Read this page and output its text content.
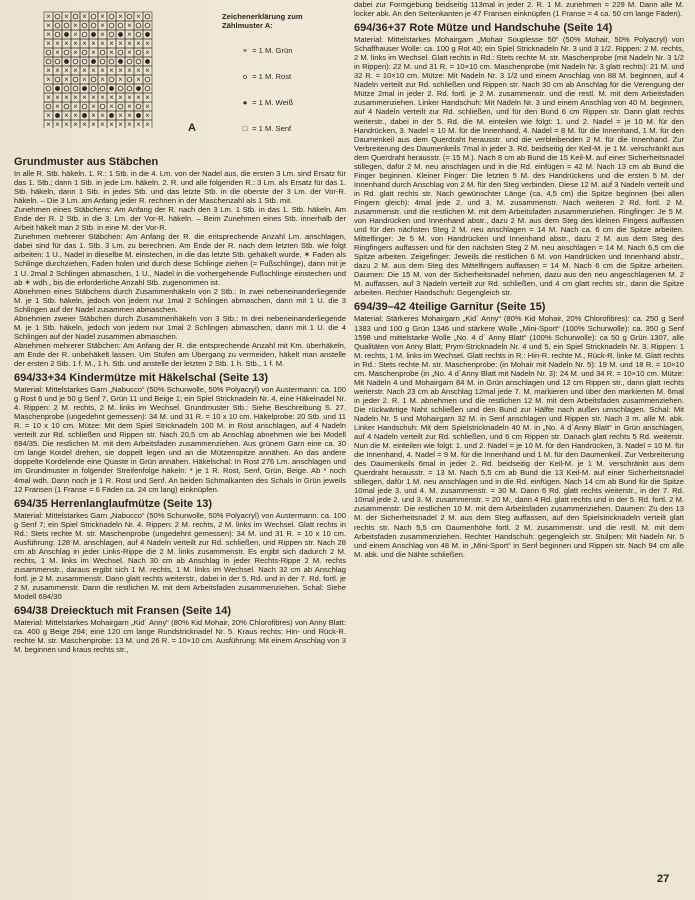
× × × × × ×
×	×	×	×
×	×	×	×
× × × × × × × × × × × ×
× × × × × ×
× × × × × × × × × × × ×
× × × × × ×
× × × × × × × × × × × ×
× × × × × ×
× × × × × × × ×
× × × × × × × × × × × ×	A
Zeichenerklärung zum Zählmuster A:
× = 1 M. Grün
o = 1 M. Rost
● = 1 M. Weiß
□ = 1 M. Senf
Grundmuster aus Stäbchen

In alle R. Stb. häkeln. 1. R.: 1 Stb. in die 4. Lm. von der Nadel aus, die ersten 3 Lm. sind Ersatz für das 1. Stb.; dann 1 Stb. in jede Lm. häkeln. 2. R. und alle folgenden R.: 3 Lm. als Ersatz für das 1. Stb. häkeln, dann 1 Stb. in jedes Stb. und das letzte Stb. in die oberste der 3 Lm. der Vor-R. häkeln. – Die 3 Lm. am Anfang jeder R. rechnen in der Maschenzahl als 1 Stb. mit.

Zunehmen eines Stäbchens: Am Anfang der R. nach den 3 Lm. 1 Stb. in das 1. Stb. häkeln. Am Ende der R. 2 Stb. in die 3. Lm. der Vor-R. häkeln. – Beim Zunehmen eines Stb. innerhalb der Arbeit häkelt man 2 Stb. in eine M. der Vor-R.

Zunehmen mehrerer Stäbchen: Am Anfang der R. die entsprechende Anzahl Lm. anschlagen, dabei sind für das 1. Stb. 3 Lm. zu berechnen. Am Ende der R. nach dem letzten Stb. wie folgt arbeiten: 1 U., Nadel in dieselbe M. einstechen, in die das letzte Stb. gehäkelt wurde, ✶ Faden als Schlinge durchziehen, Faden holen und durch diese Schlinge ziehen (= Fußschlinge), dann mit je 1 U. 2mal 2 Schlingen abmaschen, 1 U., Nadel in die vorhergehende Fußschlinge einstechen und ab ✶ wdh., bis die erforderliche Anzahl Stb. zugenommen ist.

Abnehmen eines Stäbchens durch Zusammenhäkeln von 2 Stb.: In zwei nebeneinanderliegende M. je 1 Stb. häkeln, jedoch von jedem nur 1mal 2 Schlingen abmaschen, dann mit 1 U. die 3 Schlingen auf der Nadel zusammen abmaschen.

Abnehmen zweier Stäbchen durch Zusammenhäkeln von 3 Stb.: In drei nebeneinanderliegende M. je 1 Stb. häkeln, jedoch von jedem nur 1mal 2 Schlingen abmaschen, dann mit 1 U. die 4 Schlingen auf der Nadel zusammen abmaschen.

Abnehmen mehrerer Stäbchen: Am Anfang der R. die entsprechende Anzahl mit Km. überhäkeln, am Ende der R. unbehäkelt lassen. Um Stufen am Übergang zu vermeiden, häkelt man anstelle der ersten 2 Stb. 1 f. M., 1 h. Stb. und anstelle der letzten 2 Stb. 1 h. Stb., 1 f. M.

694/33+34 Kindermütze mit Häkelschal (Seite 13)

Material: Mittelstarkes Garn „Nabucco“ (50% Schurwolle, 50% Polyacryl) von Austermann: ca. 100 g Rost 6 und je 50 g Senf 7, Grün 11 und Beige 1; ein Spiel Stricknadeln Nr. 4, eine Häkelnadel Nr. 4. Rippen: 2 M. rechts, 2 M. links im Wechsel. Grundmuster Stb.: Siehe Beschreibung S. 27. Maschenprobe (ungedehnt gemessen): 34 M. und 31 R. = 10 x 10 cm. Häkelprobe: 20 Stb. und 11 R. = 10 x 10 cm. Mütze: Mit dem Spiel Stricknadeln 100 M. in Rost anschlagen, auf 4 Nadeln verteilt zur Rd. schließen und Rippen str. Nach 20,5 cm ab Anschlag abnehmen wie bei Modell 694/35. Die restlichen M. mit dem Arbeitsfaden zusammenziehen. Aus grünem Garn eine ca. 30 cm lange Kordel drehen, sie doppelt legen und an die Mützenspitze annähen. An das andere doppelte Kordelende eine Quaste in Grün annähen. Häkelschal: In Rost 276 Lm. anschlagen und im Grundmuster in folgender Streifenfolge häkeln: * je 1 R. Rost, Senf, Grün, Beige. Ab * noch 4mal wdh. Dann noch je 1 R. Rost und Senf. An beiden Schmalkanten des Schals in Grün jeweils 12 Fransen (1 Franse = 6 Fäden ca. 24 cm lang) einknüpfen.

694/35 Herrenlanglaufmütze (Seite 13)

Material: Mittelstarkes Garn „Nabucco“ (50% Schurwolle, 50% Polyacryl) von Austermann: ca. 100 g Senf 7; ein Spiel Stricknadeln Nr. 4. Rippen: 2 M. rechts, 2 M. links im Wechsel. Glatt rechts in Rd.: Stets rechte M. str. Maschenprobe (ungedehnt gemessen): 34 M. und 31 R. = 10 x 10 cm. Ausführung: 128 M. anschlagen, auf 4 Nadeln verteilt zur Rd. schließen, und Rippen str. Nach 28 cm ab Anschlag in jeder Links-Rippe die 2 M. links zusammenstr. Es ergibt sich dadurch 2 M. rechts, 1 M. links im Wechsel. Nach 30 cm ab Anschlag in jeder Rechts-Rippe 2 M. rechts zusammenstr., daraus ergibt sich 1 M. rechts, 1 M. links im Wechsel. Nach 32 cm ab Anschlag fortl. je 2 M. zusammenstr. Dann glatt rechts weiterstr., dabei in der 5. Rd. und in der 7. Rd. fortl. je 2 M. zusammenstr. Dann die restlichen M. mit dem Arbeitsfaden zusammenziehen. Schal: Siehe Modell 694/30

694/38 Dreiecktuch mit Fransen (Seite 14)

Material: Mittelstarkes Mohairgarn „Kid´ Anny“ (80% Kid Mohair, 20% Chlorofibres) von Anny Blatt: ca. 400 g Beige 294; eine 120 cm lange Rundstricknadel Nr. 5. Kraus rechts: Hin- und Rück-R. rechte M. str. Maschenprobe: 13 M. und 26 R. = 10×10 cm. Ausführung: Mit einem Anschlag von 3 M. beginnen und kraus rechts str.,

dabei zur Formgebung beidseitig 113mal in jeder 2. R. 1 M. zunehmen = 229 M. Dann alle M. locker abk. An den Seitenkanten je 47 Fransen einknüpfen (1 Franse = 4 ca. 50 cm lange Fäden).

694/36+37 Rote Mütze und Handschuhe (Seite 14)

Material: Mittelstarkes Mohairgarn „Mohair Souplesse 50“ (50% Mohair, 50% Polyacryl) von Schaffhauser Wolle: ca. 100 g Rot 40; ein Spiel Stricknadeln Nr. 3 und 3 1/2. Rippen: 2 M. rechts, 2 M. links im Wechsel. Glatt rechts in Rd.: Stets rechte M. str. Maschenprobe (mit Nadeln Nr. 3 1/2 in Rippen): 22 M. und 31 R. = 10×10 cm. Maschenprobe (mit Nadeln Nr. 3 glatt rechts): 21 M. und 32 R. = 10×10 cm. Mütze: Mit Nadeln Nr. 3 1/2 und einem Anschlag von 88 M. beginnen, auf 4 Nadeln verteilt zur Rd. schließen und Rippen str. Nach 30 cm ab Anschlag für die Verengung der Mütze 2mal in jeder 2. Rd. fortl. je 2 M. zusammenstr. und die restl. M. mit dem Arbeitsfaden zusammenziehen. Linker Handschuh: Mit Nadeln Nr. 3 und einem Anschlag von 40 M. beginnen, auf 4 Nadeln verteilt zur Rd. schließen, und für den Bund 6 cm Rippen str. Dann glatt rechts weiterstr., dabei in der 5. Rd. die M. einteilen wie folgt: 1. und 2. Nadel = je 10 M. für den Handrücken, 3. Nadel = 10 M. für die Innenhand, 4. Nadel = 8 M. für die Innenhand, 1 M. für den Daumenkeil aus dem Querdraht herausstr. und die verbleibenden 2 M. für die Innenhand. Zur Verbreiterung des Daumenkeils 7mal in jeder 3. Rd. beidseitig der Keil-M. je 1 M. verschränkt aus dem Querdraht herausstr. (= 15 M.). Nach 8 cm ab Bund die 15 Keil-M. auf einer Sicherheitsnadel stillegen, dafür 2 M. neu anschlagen und in die Rd. einfügen = 42 M. Nach 13 cm ab Bund die Finger beginnen. Kleiner Finger: Die letzten 5 M. des Handrückens und die ersten 5 M. der Innenhand durch Anschlag von 2 M. für den Steg verbinden. Diese 12 M. auf 3 Nadeln verteilt und in Rd. glatt rechts str. Nach gewünschter Länge (ca. 4,5 cm) die Spitze beginnen (bei allen Fingern gleich): 4mal jede 2. und 3. M. zusammenstr. Nach weiteren 2 Rd. fortl. 2 M. zusammenstr. und die restlichen M. mit dem Arbeitsfaden zusammenziehen. Ringfinger: Je 5 M. von Handrücken und Innenhand abstr., dazu 2 M. aus dem Steg des kleinen Fingers auffassen und für den nächsten Steg 2 M. neu anschlagen = 14 M. Nach ca. 6 cm die Spitze arbeiten. Mittelfinger: Je 5 M. von Handrücken und Innenhand abstr., dazu 2 M. aus dem Steg des Ringfingers auffassen und für den nächsten Steg 2 M. neu anschlagen = 14 M. Nach 6,5 cm die Spitze arbeiten. Zeigefinger: Jeweils die restlichen 6 M. von Handrücken und Innenhand abstr., dazu 2 M. aus dem Steg des Mittelfingers auffassen = 14 M. Nach 6 cm die Spitze arbeiten. Daumen: Die 15 M. von der Sicherheitsnadel nehmen, dazu aus den neu angeschlagenen M. 2 M. auffassen, auf 3 Nadeln verteilt zur Rd. schließen, und 4 cm glatt rechts str., dann die Spitze arbeiten. Rechter Handschuh: Gegengleich str.

694/39–42 4teilige Garnitur (Seite 15)

Material: Stärkeres Mohairgarn „Kid´ Anny“ (80% Kid Mohair, 20% Chlorofibres): ca. 250 g Senf 1383 und 100 g Grün 1346 und stärkere Wolle „Mini-Sport“ (100% Schurwolle): ca. 350 g Senf 1598 und mittelstarke Wolle „No. 4 d´ Anny Blatt“ (100% Schurwolle): ca 50 g Grün 1307, alle Qualitäten von Anny Blatt; Prym-Stricknadeln Nr. 4 und 5, ein Spiel Stricknadeln Nr. 3. Rippen: 1 M. rechts, 1 M. links im Wechsel. Glatt rechts in R.: Hin-R. rechte M., Rück-R. linke M. Glatt rechts in Rd.: Stets rechte M. str. Maschenprobe: (in Mohair mit Nadeln Nr. 5): 19 M. und 18 R. = 10×10 cm. Maschenprobe (in „No. 4 d´Anny Blatt mit Nadeln Nr. 3): 24 M. und 34 R. = 10×10 cm. Mütze: Mit Nadeln 4 und Mohairgarn 84 M. in Grün anschlagen und 12 cm Rippen str., dann glatt rechts weiterstr. Nach 23 cm ab Anschlag 12mal jede 7. M. markieren und über den markierten M. 6mal in jeder 2. R. 1 M. abnehmen und die restlichen 12 M. mit dem Arbeitsfaden zusammenziehen. Die rückwärtige Naht schließen und den Bund zur Hälfte nach außen umschlagen. Schal: Mit Nadeln Nr. 5 und Mohairgarn 32 M. in Senf anschlagen und Rippen str. Nach 3 m. alle M. abk. Linker Handschuh: Mit dem Spielstricknadeln 40 M. in „No. 4 d´Anny Blatt“ in Grün anschlagen, auf 4 Nadeln verteilt zur Rd. schließen, und 6 cm Rippen str. Danach glatt rechts 5 Rd. weiterstr. Nun die M. einteilen wie folgt: 1. und 2. Nadel = je 10 M. für den Handrücken, 3. Nadel = 10 M. für die Innenhand, 4. Nadel = 9 M. für die Innenhand und 1 M. für den Daumenkeil. Zur Verbreiterung des Daumenkeils 6mal in jeder 2. Rd. beidseitig der Keil-M. je 1 M. verschränkt aus dem Querdraht herausstr. = 13 M. Nach 5,5 cm ab Bund die 13 Keil-M. auf einer Sicherheitsnadel stillegen, dafür 1 M. neu anschlagen und in die Rd. einfügen. Nach 14 cm ab Bund für die Spitze 10mal jede 3. und 4. M. zusammenstr. = 30 M. Dann 6 Rd. glatt rechts weiterstr., in der 7. Rd. 10mal jede 2. und 3. M. zusammenstr. = 20 M., dann 4 Rd. glatt rechts und in der 5. Rd. fortl. 2 M. zusammenstr. Die restlichen 10 M. mit dem Arbeitsfaden zusammenziehen. Daumen: Zu den 13 M. der Sicherheitsnadel 2 M. aus dem Steg auffassen, auf den Spielstricknadeln verteilt glatt rechts str. Nach 5,5 cm Daumenhöhe fortl. 2 M. zusammenstr. und die restl. M. mit dem Arbeitsfaden zusammenziehen. Rechter Handschuh: gegengleich str. Stulpen: Mit Nadeln Nr. 5 und einem Anschlag von 48 M. in „Mini-Sport“ in Senf beginnen und Rippen str. Nach 94 cm alle M. abk. und die Nähte schließen.

27
